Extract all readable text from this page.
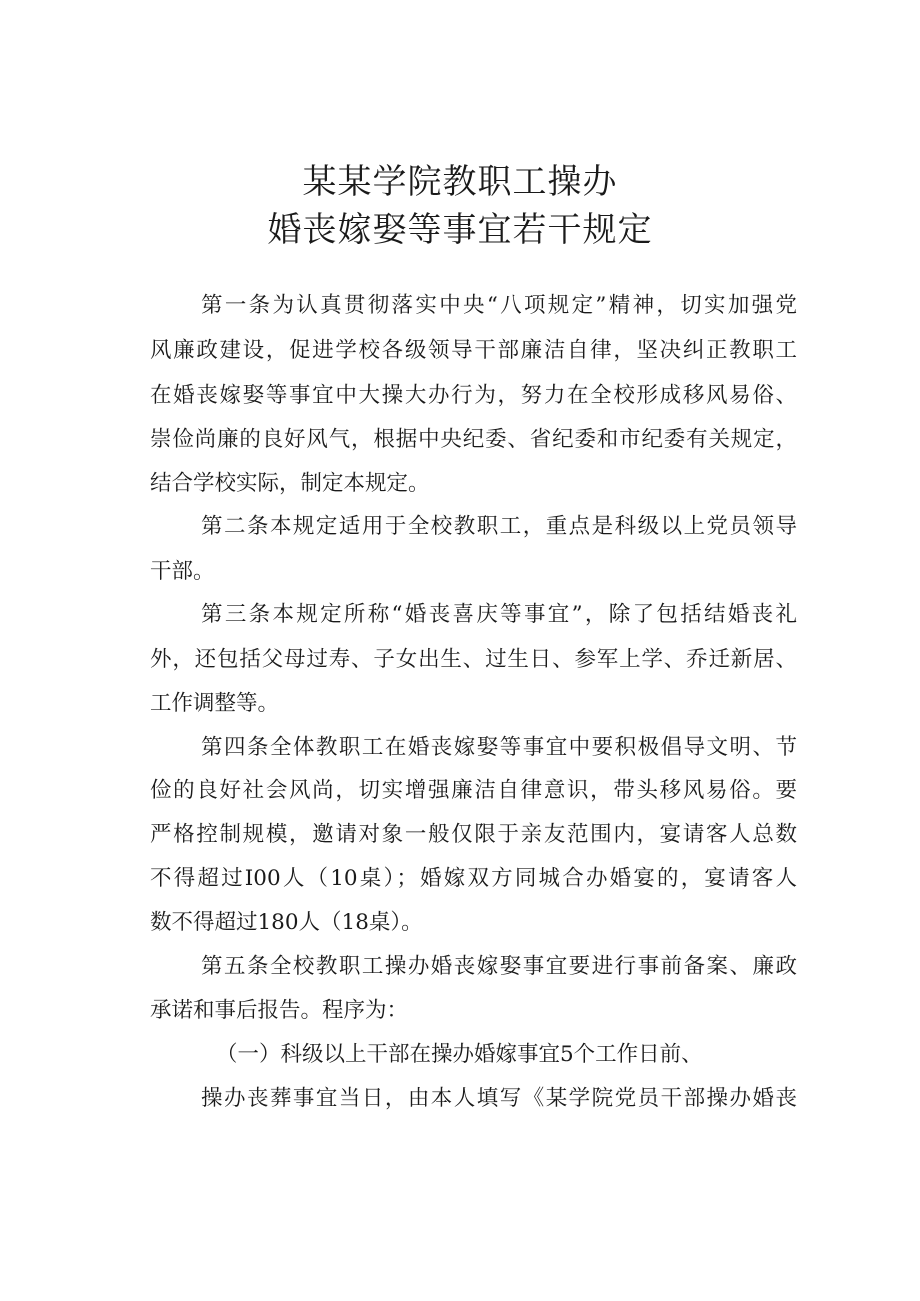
某某学院教职工操办
婚丧嫁娶等事宜若干规定
第一条为认真贯彻落实中央“八项规定”精神，切实加强党
风廉政建设，促进学校各级领导干部廉洁自律，坚决纠正教职工
在婚丧嫁娶等事宜中大操大办行为，努力在全校形成移风易俗、
崇俭尚廉的良好风气，根据中央纪委、省纪委和市纪委有关规定，
结合学校实际，制定本规定。
第二条本规定适用于全校教职工，重点是科级以上党员领导
干部。
第三条本规定所称“婚丧喜庆等事宜”，除了包括结婚丧礼
外，还包括父母过寿、子女出生、过生日、参军上学、乔迁新居、
工作调整等。
第四条全体教职工在婚丧嫁娶等事宜中要积极倡导文明、节
俭的良好社会风尚，切实增强廉洁自律意识，带头移风易俗。要
严格控制规模，邀请对象一般仅限于亲友范围内，宴请客人总数
不得超过I00人（10桌）；婚嫁双方同城合办婚宴的，宴请客人
数不得超过180人（18桌）。
第五条全校教职工操办婚丧嫁娶事宜要进行事前备案、廉政
承诺和事后报告。程序为：
（一）科级以上干部在操办婚嫁事宜5个工作日前、
操办丧葬事宜当日，由本人填写《某学院党员干部操办婚丧
